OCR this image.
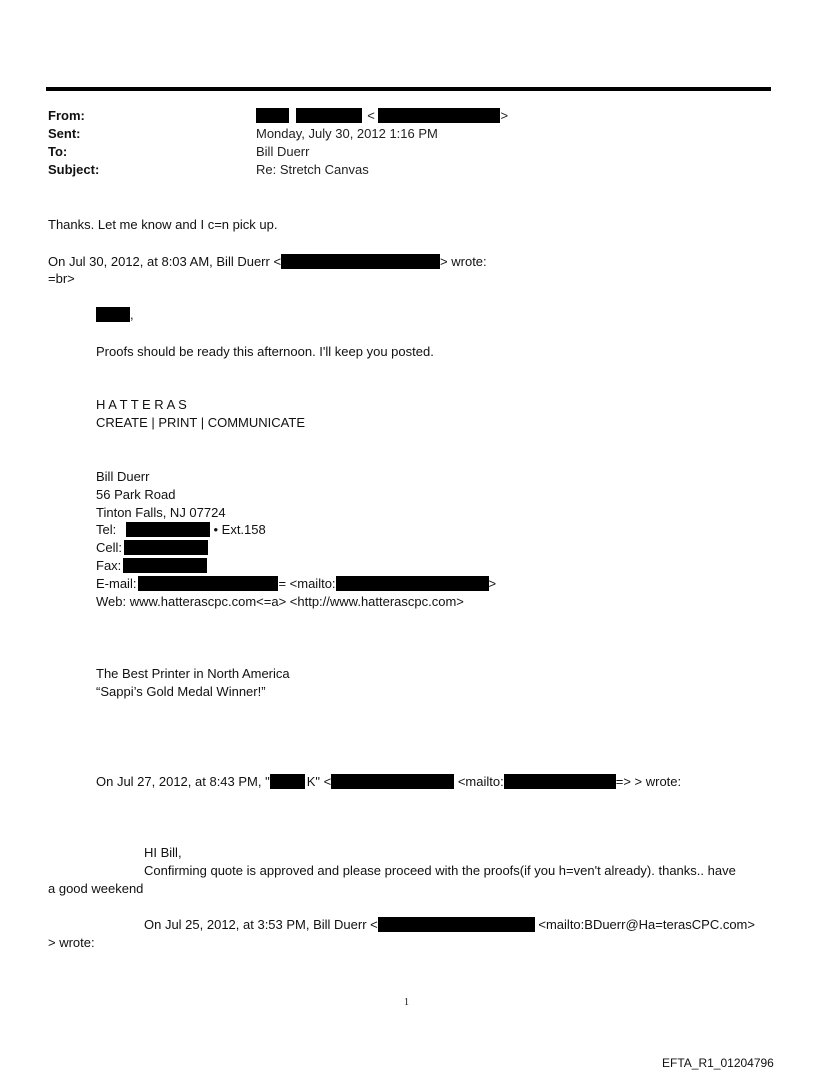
From:	<	>
Sent:	Monday, July 30, 2012 1:16 PM
To:	Bill Duerr
Subject:	Re: Stretch Canvas
Thanks. Let me know and I c=n pick up.
On Jul 30, 2012, at 8:03 AM, Bill Duerr <	> wrote:
=br>
,
Proofs should be ready this afternoon. I'll keep you posted.
H A T T E R A S
CREATE | PRINT | COMMUNICATE
Bill Duerr
56 Park Road
Tinton Falls, NJ 07724
Tel:	• Ext.158
Cell:
Fax:
E-mail:	= <mailto:	>
Web: www.hatterascpc.com<=a> <http://www.hatterascpc.com>
The Best Printer in North America
“Sappi’s Gold Medal Winner!”
On Jul 27, 2012, at 8:43 PM, "	K" <	<mailto:	=> > wrote:
HI Bill,
Confirming quote is approved and please proceed with the proofs(if you h=ven't already). thanks.. have
a good weekend
On Jul 25, 2012, at 3:53 PM, Bill Duerr <	<mailto:BDuerr@Ha=terasCPC.com>
> wrote:
1
EFTA_R1_01204796
